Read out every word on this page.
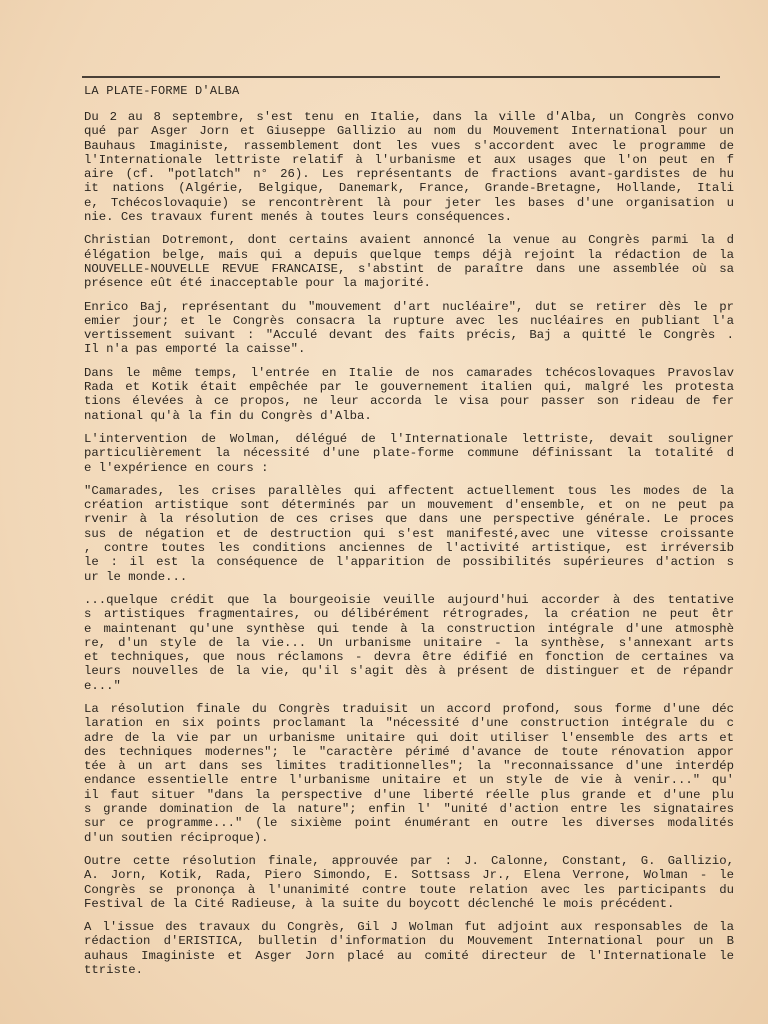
LA PLATE-FORME D'ALBA
Du 2 au 8 septembre, s'est tenu en Italie, dans la ville d'Alba, un Congrès convo
qué par Asger Jorn et Giuseppe Gallizio au nom du Mouvement International pour un
Bauhaus Imaginiste, rassemblement dont les vues s'accordent avec le programme de
l'Internationale lettriste relatif à l'urbanisme et aux usages que l'on peut en f
aire (cf. "potlatch" n° 26). Les représentants de fractions avant-gardistes de hu
it nations (Algérie, Belgique, Danemark, France, Grande-Bretagne, Hollande, Itali
e, Tchécoslovaquie) se rencontrèrent là pour jeter les bases d'une organisation u
nie. Ces travaux furent menés à toutes leurs conséquences.
Christian Dotremont, dont certains avaient annoncé la venue au Congrès parmi la d
élégation belge, mais qui a depuis quelque temps déjà rejoint la rédaction de la
NOUVELLE-NOUVELLE REVUE FRANCAISE, s'abstint de paraître dans une assemblée où sa
présence eût été inacceptable pour la majorité.
Enrico Baj, représentant du "mouvement d'art nucléaire", dut se retirer dès le pr
emier jour; et le Congrès consacra la rupture avec les nucléaires en publiant l'a
vertissement suivant : "Acculé devant des faits précis, Baj a quitté le Congrès .
Il n'a pas emporté la caisse".
Dans le même temps, l'entrée en Italie de nos camarades tchécoslovaques Pravoslav
Rada et Kotik était empêchée par le gouvernement italien qui, malgré les protesta
tions élevées à ce propos, ne leur accorda le visa pour passer son rideau de fer
national qu'à la fin du Congrès d'Alba.
L'intervention de Wolman, délégué de l'Internationale lettriste, devait souligner
particulièrement la nécessité d'une plate-forme commune définissant la totalité d
e l'expérience en cours :
"Camarades, les crises parallèles qui affectent actuellement tous les modes de la
création artistique sont déterminés par un mouvement d'ensemble, et on ne peut pa
rvenir à la résolution de ces crises que dans une perspective générale. Le proces
sus de négation et de destruction qui s'est manifesté,avec une vitesse croissante
, contre toutes les conditions anciennes de l'activité artistique, est irréversib
le : il est la conséquence de l'apparition de possibilités supérieures d'action s
ur le monde...
...quelque crédit que la bourgeoisie veuille aujourd'hui accorder à des tentative
s artistiques fragmentaires, ou délibérément rétrogrades, la création ne peut êtr
e maintenant qu'une synthèse qui tende à la construction intégrale d'une atmosphè
re, d'un style de la vie... Un urbanisme unitaire - la synthèse, s'annexant arts
et techniques, que nous réclamons - devra être édifié en fonction de certaines va
leurs nouvelles de la vie, qu'il s'agit dès à présent de distinguer et de répandr
e..."
La résolution finale du Congrès traduisit un accord profond, sous forme d'une déc
laration en six points proclamant la "nécessité d'une construction intégrale du c
adre de la vie par un urbanisme unitaire qui doit utiliser l'ensemble des arts et
des techniques modernes"; le "caractère périmé d'avance de toute rénovation appor
tée à un art dans ses limites traditionnelles"; la "reconnaissance d'une interdép
endance essentielle entre l'urbanisme unitaire et un style de vie à venir..." qu'
il faut situer "dans la perspective d'une liberté réelle plus grande et d'une plu
s grande domination de la nature"; enfin l' "unité d'action entre les signataires
sur ce programme..." (le sixième point énumérant en outre les diverses modalités
d'un soutien réciproque).
Outre cette résolution finale, approuvée par : J. Calonne, Constant, G. Gallizio,
A. Jorn, Kotik, Rada, Piero Simondo, E. Sottsass Jr., Elena Verrone, Wolman - le
Congrès se prononça à l'unanimité contre toute relation avec les participants du
Festival de la Cité Radieuse, à la suite du boycott déclenché le mois précédent.
A l'issue des travaux du Congrès, Gil J Wolman fut adjoint aux responsables de la
rédaction d'ERISTICA, bulletin d'information du Mouvement International pour un B
auhaus Imaginiste et Asger Jorn placé au comité directeur de l'Internationale le
ttriste.
